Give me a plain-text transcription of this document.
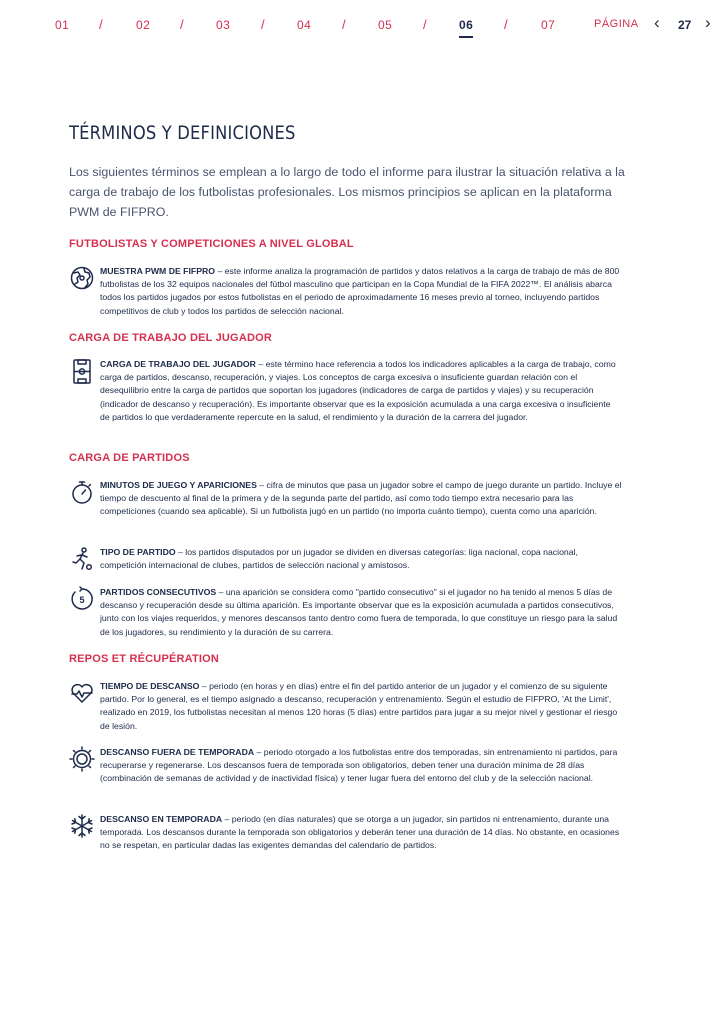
01 /	02 /	03 /	04 /	05 /	06 /	07	PÁGINA ‹ 27 ›
TÉRMINOS Y DEFINICIONES
Los siguientes términos se emplean a lo largo de todo el informe para ilustrar la situación relativa a la carga de trabajo de los futbolistas profesionales. Los mismos principios se aplican en la plataforma PWM de FIFPRO.
FUTBOLISTAS Y COMPETICIONES A NIVEL GLOBAL
MUESTRA PWM DE FIFPRO – este informe analiza la programación de partidos y datos relativos a la carga de trabajo de más de 800 futbolistas de los 32 equipos nacionales del fútbol masculino que participan en la Copa Mundial de la FIFA 2022™. El análisis abarca todos los partidos jugados por estos futbolistas en el periodo de aproximadamente 16 meses previo al torneo, incluyendo partidos competitivos de club y todos los partidos de selección nacional.
CARGA DE TRABAJO DEL JUGADOR
CARGA DE TRABAJO DEL JUGADOR – este término hace referencia a todos los indicadores aplicables a la carga de trabajo, como carga de partidos, descanso, recuperación, y viajes. Los conceptos de carga excesiva o insuficiente guardan relación con el desequilibrio entre la carga de partidos que soportan los jugadores (indicadores de carga de partidos y viajes) y su recuperación (indicador de descanso y recuperación). Es importante observar que es la exposición acumulada a una carga excesiva o insuficiente de partidos lo que verdaderamente repercute en la salud, el rendimiento y la duración de la carrera del jugador.
CARGA DE PARTIDOS
MINUTOS DE JUEGO Y APARICIONES – cifra de minutos que pasa un jugador sobre el campo de juego durante un partido. Incluye el tiempo de descuento al final de la primera y de la segunda parte del partido, así como todo tiempo extra necesario para las competiciones (cuando sea aplicable). Si un futbolista jugó en un partido (no importa cuánto tiempo), cuenta como una aparición.
TIPO DE PARTIDO – los partidos disputados por un jugador se dividen en diversas categorías: liga nacional, copa nacional, competición internacional de clubes, partidos de selección nacional y amistosos.
5
PARTIDOS CONSECUTIVOS – una aparición se considera como "partido consecutivo" si el jugador no ha tenido al menos 5 días de descanso y recuperación desde su última aparición. Es importante observar que es la exposición acumulada a partidos consecutivos, junto con los viajes requeridos, y menores descansos tanto dentro como fuera de temporada, lo que constituye un riesgo para la salud de los jugadores, su rendimiento y la duración de su carrera.
REPOS ET RÉCUPÉRATION
TIEMPO DE DESCANSO – periodo (en horas y en días) entre el fin del partido anterior de un jugador y el comienzo de su siguiente partido. Por lo general, es el tiempo asignado a descanso, recuperación y entrenamiento. Según el estudio de FIFPRO, 'At the Limit', realizado en 2019, los futbolistas necesitan al menos 120 horas (5 días) entre partidos para jugar a su mejor nivel y gestionar el riesgo de lesión.
DESCANSO FUERA DE TEMPORADA – periodo otorgado a los futbolistas entre dos temporadas, sin entrenamiento ni partidos, para recuperarse y regenerarse. Los descansos fuera de temporada son obligatorios, deben tener una duración mínima de 28 días (combinación de semanas de actividad y de inactividad física) y tener lugar fuera del entorno del club y de la selección nacional.
DESCANSO EN TEMPORADA – periodo (en días naturales) que se otorga a un jugador, sin partidos ni entrenamiento, durante una temporada. Los descansos durante la temporada son obligatorios y deberán tener una duración de 14 días. No obstante, en ocasiones no se respetan, en particular dadas las exigentes demandas del calendario de partidos.
